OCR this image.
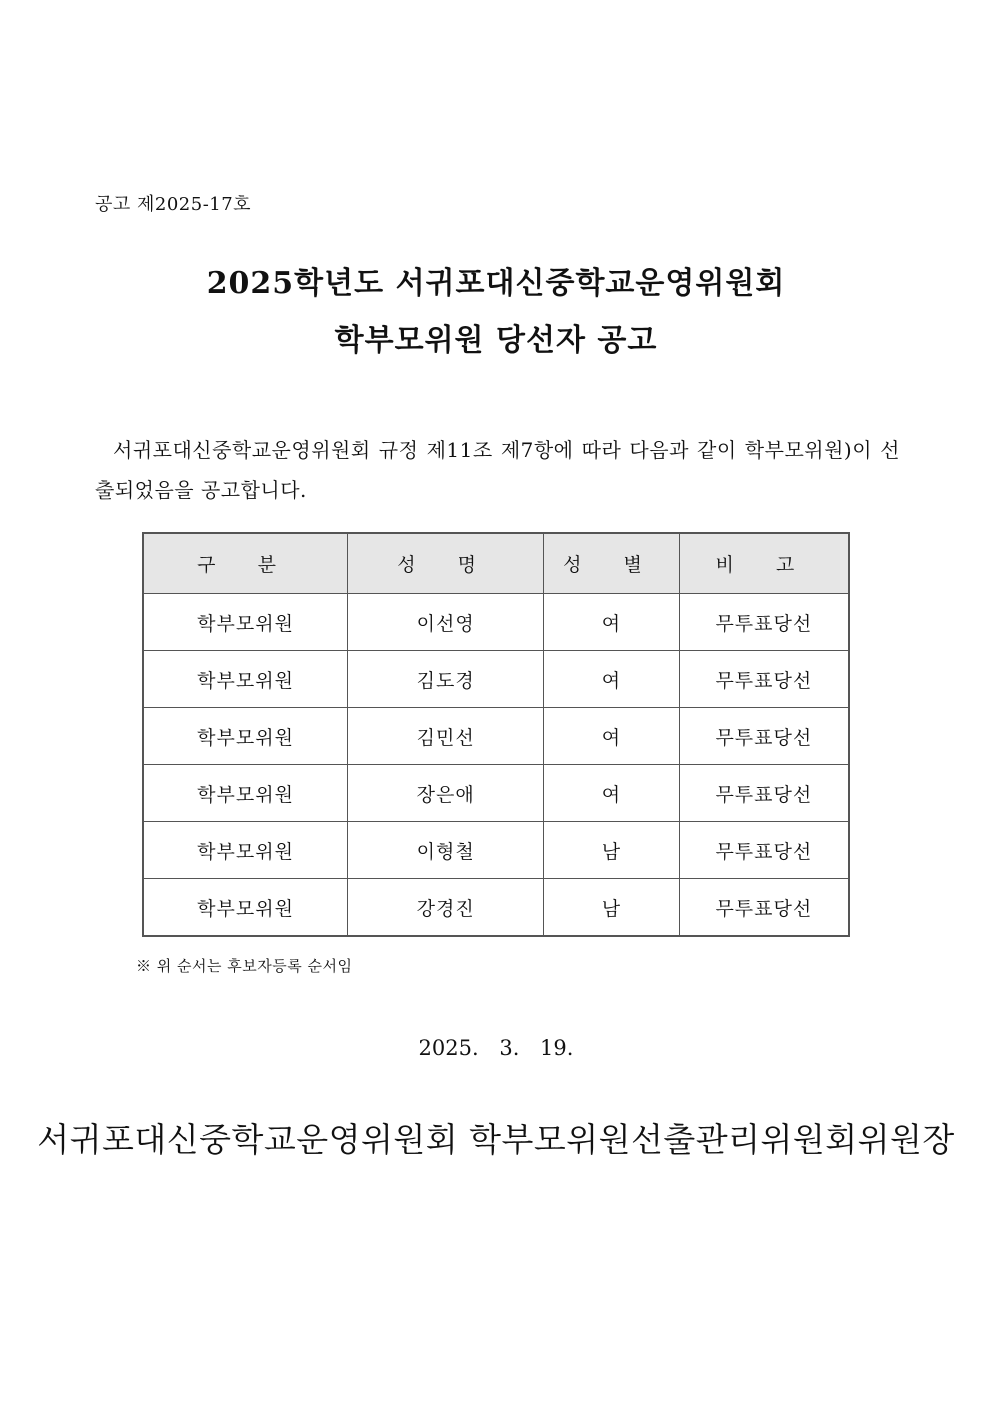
공고 제2025-17호
2025학년도 서귀포대신중학교운영위원회
학부모위원 당선자 공고
서귀포대신중학교운영위원회 규정 제11조 제7항에 따라 다음과 같이 학부모위원)이 선출되었음을 공고합니다.
구 분	성 명	성 별	비 고
학부모위원	이선영	여	무투표당선
학부모위원	김도경	여	무투표당선
학부모위원	김민선	여	무투표당선
학부모위원	장은애	여	무투표당선
학부모위원	이형철	남	무투표당선
학부모위원	강경진	남	무투표당선
※ 위 순서는 후보자등록 순서임
2025. 3. 19.
서귀포대신중학교운영위원회 학부모위원선출관리위원회위원장
